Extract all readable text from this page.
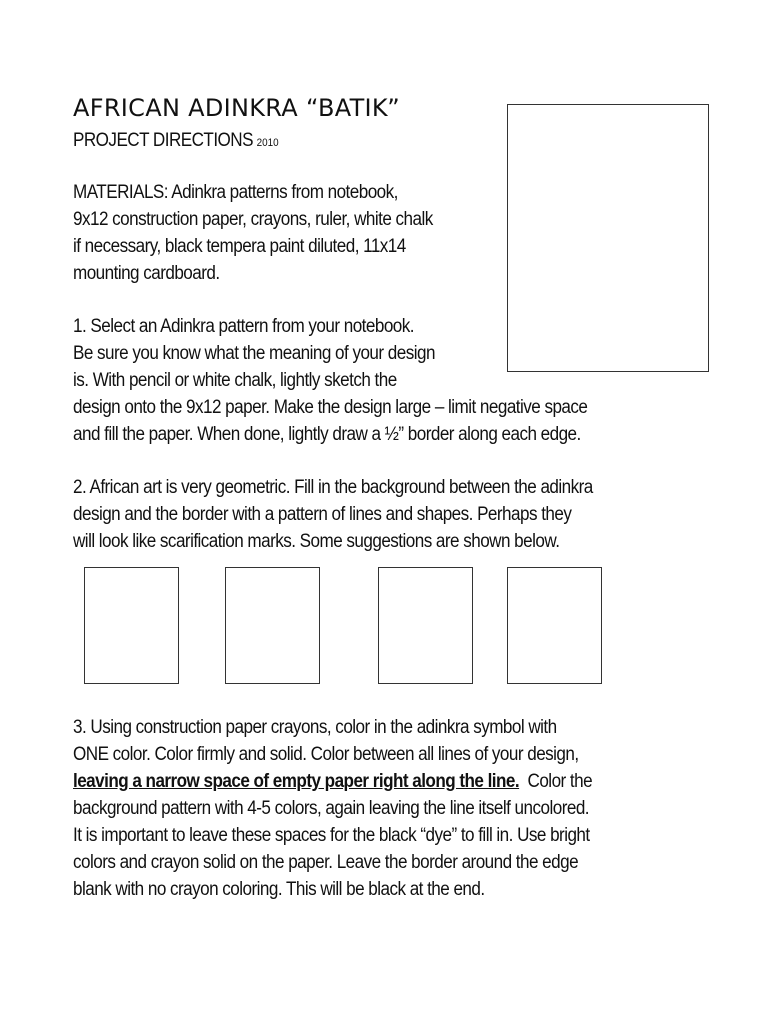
AFRICAN ADINKRA “BATIK”
PROJECT DIRECTIONS 2010
MATERIALS: Adinkra patterns from notebook,
9x12 construction paper, crayons, ruler, white chalk
if necessary, black tempera paint diluted, 11x14
mounting cardboard.
1. Select an Adinkra pattern from your notebook.
Be sure you know what the meaning of your design
is. With pencil or white chalk, lightly sketch the
design onto the 9x12 paper. Make the design large – limit negative space
and fill the paper. When done, lightly draw a ½” border along each edge.
2. African art is very geometric. Fill in the background between the adinkra
design and the border with a pattern of lines and shapes. Perhaps they
will look like scarification marks. Some suggestions are shown below.
3. Using construction paper crayons, color in the adinkra symbol with
ONE color. Color firmly and solid. Color between all lines of your design,
leaving a narrow space of empty paper right along the line.  Color the
background pattern with 4-5 colors, again leaving the line itself uncolored.
It is important to leave these spaces for the black “dye” to fill in. Use bright
colors and crayon solid on the paper. Leave the border around the edge
blank with no crayon coloring. This will be black at the end.
